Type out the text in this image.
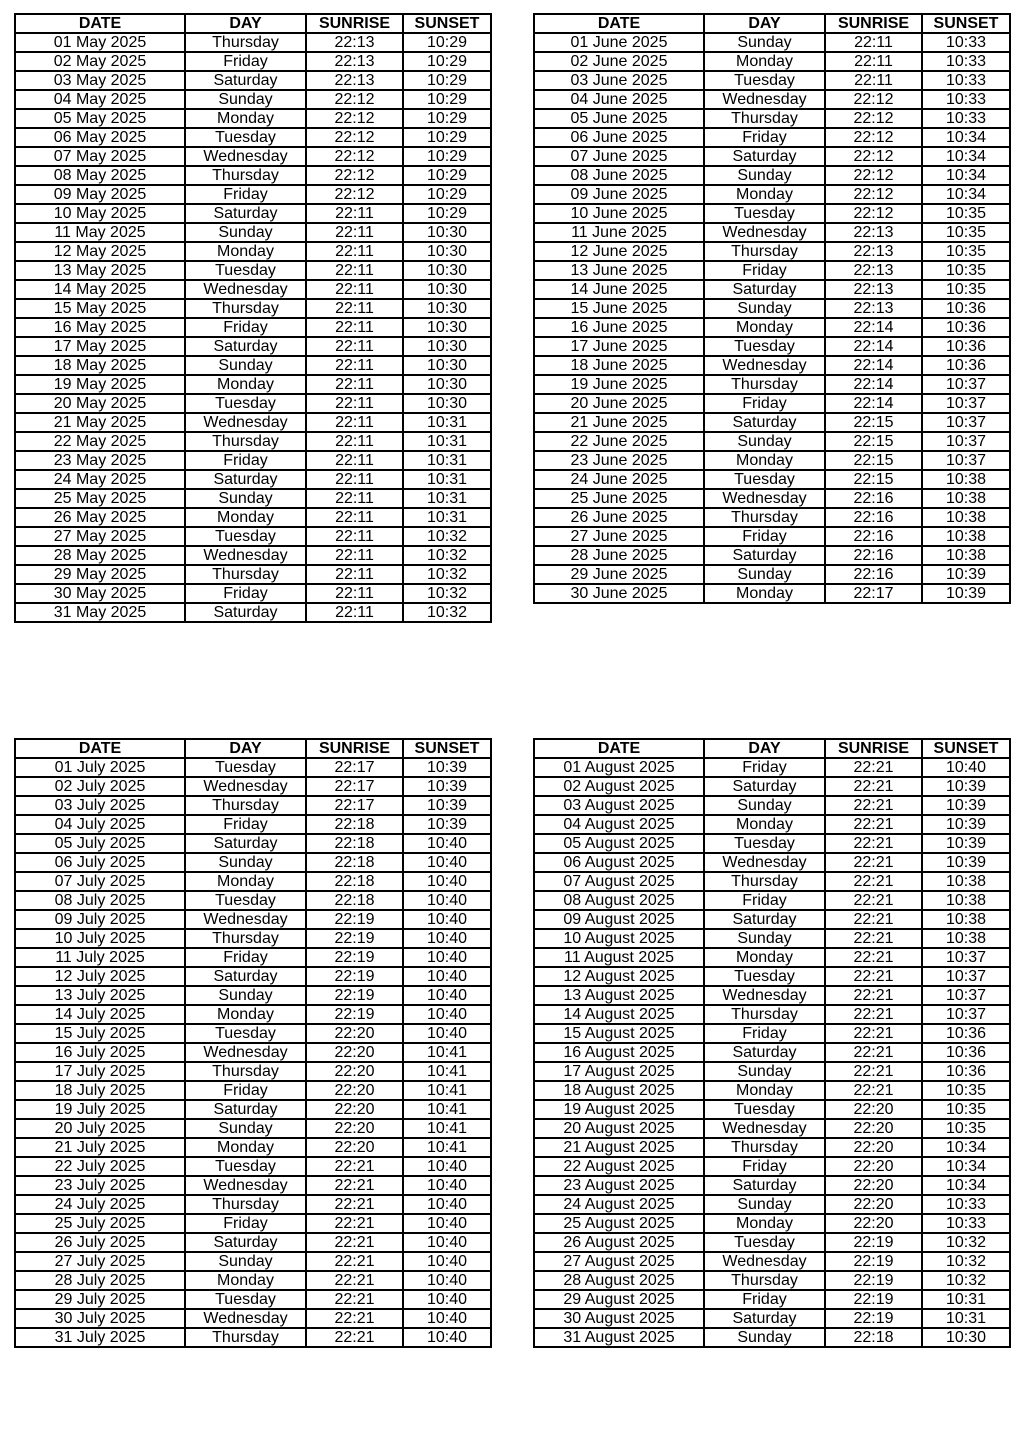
DATE	DAY	SUNRISE	SUNSET
01 May 2025	Thursday	22:13	10:29
02 May 2025	Friday	22:13	10:29
03 May 2025	Saturday	22:13	10:29
04 May 2025	Sunday	22:12	10:29
05 May 2025	Monday	22:12	10:29
06 May 2025	Tuesday	22:12	10:29
07 May 2025	Wednesday	22:12	10:29
08 May 2025	Thursday	22:12	10:29
09 May 2025	Friday	22:12	10:29
10 May 2025	Saturday	22:11	10:29
11 May 2025	Sunday	22:11	10:30
12 May 2025	Monday	22:11	10:30
13 May 2025	Tuesday	22:11	10:30
14 May 2025	Wednesday	22:11	10:30
15 May 2025	Thursday	22:11	10:30
16 May 2025	Friday	22:11	10:30
17 May 2025	Saturday	22:11	10:30
18 May 2025	Sunday	22:11	10:30
19 May 2025	Monday	22:11	10:30
20 May 2025	Tuesday	22:11	10:30
21 May 2025	Wednesday	22:11	10:31
22 May 2025	Thursday	22:11	10:31
23 May 2025	Friday	22:11	10:31
24 May 2025	Saturday	22:11	10:31
25 May 2025	Sunday	22:11	10:31
26 May 2025	Monday	22:11	10:31
27 May 2025	Tuesday	22:11	10:32
28 May 2025	Wednesday	22:11	10:32
29 May 2025	Thursday	22:11	10:32
30 May 2025	Friday	22:11	10:32
31 May 2025	Saturday	22:11	10:32
DATE	DAY	SUNRISE	SUNSET
01 June 2025	Sunday	22:11	10:33
02 June 2025	Monday	22:11	10:33
03 June 2025	Tuesday	22:11	10:33
04 June 2025	Wednesday	22:12	10:33
05 June 2025	Thursday	22:12	10:33
06 June 2025	Friday	22:12	10:34
07 June 2025	Saturday	22:12	10:34
08 June 2025	Sunday	22:12	10:34
09 June 2025	Monday	22:12	10:34
10 June 2025	Tuesday	22:12	10:35
11 June 2025	Wednesday	22:13	10:35
12 June 2025	Thursday	22:13	10:35
13 June 2025	Friday	22:13	10:35
14 June 2025	Saturday	22:13	10:35
15 June 2025	Sunday	22:13	10:36
16 June 2025	Monday	22:14	10:36
17 June 2025	Tuesday	22:14	10:36
18 June 2025	Wednesday	22:14	10:36
19 June 2025	Thursday	22:14	10:37
20 June 2025	Friday	22:14	10:37
21 June 2025	Saturday	22:15	10:37
22 June 2025	Sunday	22:15	10:37
23 June 2025	Monday	22:15	10:37
24 June 2025	Tuesday	22:15	10:38
25 June 2025	Wednesday	22:16	10:38
26 June 2025	Thursday	22:16	10:38
27 June 2025	Friday	22:16	10:38
28 June 2025	Saturday	22:16	10:38
29 June 2025	Sunday	22:16	10:39
30 June 2025	Monday	22:17	10:39
DATE	DAY	SUNRISE	SUNSET
01 July 2025	Tuesday	22:17	10:39
02 July 2025	Wednesday	22:17	10:39
03 July 2025	Thursday	22:17	10:39
04 July 2025	Friday	22:18	10:39
05 July 2025	Saturday	22:18	10:40
06 July 2025	Sunday	22:18	10:40
07 July 2025	Monday	22:18	10:40
08 July 2025	Tuesday	22:18	10:40
09 July 2025	Wednesday	22:19	10:40
10 July 2025	Thursday	22:19	10:40
11 July 2025	Friday	22:19	10:40
12 July 2025	Saturday	22:19	10:40
13 July 2025	Sunday	22:19	10:40
14 July 2025	Monday	22:19	10:40
15 July 2025	Tuesday	22:20	10:40
16 July 2025	Wednesday	22:20	10:41
17 July 2025	Thursday	22:20	10:41
18 July 2025	Friday	22:20	10:41
19 July 2025	Saturday	22:20	10:41
20 July 2025	Sunday	22:20	10:41
21 July 2025	Monday	22:20	10:41
22 July 2025	Tuesday	22:21	10:40
23 July 2025	Wednesday	22:21	10:40
24 July 2025	Thursday	22:21	10:40
25 July 2025	Friday	22:21	10:40
26 July 2025	Saturday	22:21	10:40
27 July 2025	Sunday	22:21	10:40
28 July 2025	Monday	22:21	10:40
29 July 2025	Tuesday	22:21	10:40
30 July 2025	Wednesday	22:21	10:40
31 July 2025	Thursday	22:21	10:40
DATE	DAY	SUNRISE	SUNSET
01 August 2025	Friday	22:21	10:40
02 August 2025	Saturday	22:21	10:39
03 August 2025	Sunday	22:21	10:39
04 August 2025	Monday	22:21	10:39
05 August 2025	Tuesday	22:21	10:39
06 August 2025	Wednesday	22:21	10:39
07 August 2025	Thursday	22:21	10:38
08 August 2025	Friday	22:21	10:38
09 August 2025	Saturday	22:21	10:38
10 August 2025	Sunday	22:21	10:38
11 August 2025	Monday	22:21	10:37
12 August 2025	Tuesday	22:21	10:37
13 August 2025	Wednesday	22:21	10:37
14 August 2025	Thursday	22:21	10:37
15 August 2025	Friday	22:21	10:36
16 August 2025	Saturday	22:21	10:36
17 August 2025	Sunday	22:21	10:36
18 August 2025	Monday	22:21	10:35
19 August 2025	Tuesday	22:20	10:35
20 August 2025	Wednesday	22:20	10:35
21 August 2025	Thursday	22:20	10:34
22 August 2025	Friday	22:20	10:34
23 August 2025	Saturday	22:20	10:34
24 August 2025	Sunday	22:20	10:33
25 August 2025	Monday	22:20	10:33
26 August 2025	Tuesday	22:19	10:32
27 August 2025	Wednesday	22:19	10:32
28 August 2025	Thursday	22:19	10:32
29 August 2025	Friday	22:19	10:31
30 August 2025	Saturday	22:19	10:31
31 August 2025	Sunday	22:18	10:30
